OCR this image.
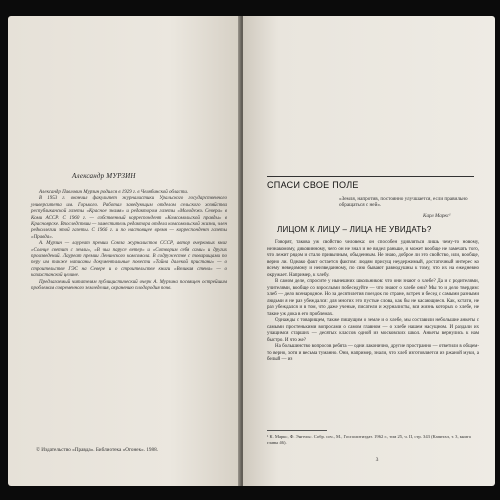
Александр МУРЗИН

Александр Павлович Мурзин родился в 1929 г. в Челябинской области.

В 1953 г. окончил факультет журналистики Уральского государственного университета им. Горького. Работал заведующим отделом сельского хозяйства республиканской газеты «Красное знамя» и редактором газеты «Молодежь Севера» в Коми АССР. С 1960 г. — собственный корреспондент «Комсомольской правды» в Красноярске. Впоследствии — заместитель редактора отдела комсомольской жизни, член редколлегии этой газеты. С 1966 г. и по настоящее время — корреспондент газеты «Правда».

А. Мурзин — лауреат премии Союза журналистов СССР, автор очерковых книг «Солнце светит с земли», «В чьи парусе ветер» и «Сотворим себя сами» и других произведений. Лауреат премии Ленинского комсомола. В содружестве с товарищами по перу им также написаны документальные повести «Тайна далекой пристани» — о строительстве ГЭС на Севере и о строительстве книги «Великая стена» — о казахстанской целине.

Предлагаемый читателям публицистический очерк А. Мурзина посвящен острейшим проблемам современного земледелия, охранению плодородия почв.

© Издательство «Правда». Библиотека «Огонек». 1988.
СПАСИ СВОЕ ПОЛЕ
«Земля, напротив, постоянно улучшается, если правильно обращаться с ней».
Карл Маркс¹
ЛИЦОМ К ЛИЦУ – ЛИЦА НЕ УВИДАТЬ?

Говорят, такова уж свойство человека: он способен удивляться лишь чему-то новому, незнакомому, диковинному, чего он не знал и не видел раньше, и может вообще не замечать того, что лежит рядом и стало привычным, обыденным. Не знаю, доброе ли это свойство, или, вообще, верно ли. Однако факт остается фактом: людям присущ неудержимый, достаточный интерес ко всему неведомому и неизведанному, по сию бывают равнодушны к тому, что их на ежедневно окружает. Например, к хлебу.

В самом деле, спросите у нынешних школьников: что они знают о хлебе? Да и с родителями, учителями, вообще со взрослыми побеседуйте — что знают о хлебе они? Мы то и дело твердим: хлеб — дело всенародное. Но за десятилетия поездок по стране, встреч и бесед с самыми разными людьми я не раз убеждался: для многих это пустые слова, как бы не касающиеся. Как, кстати, не раз убеждался и в том, что даже ученые, писатели и журналисты, вся жизнь которых о хлебе, не такие уж дока в его проблемах.

Однажды с товарищем, также пишущим о земле и о хлебе, мы составили небольшие анкеты с самыми простенькими вопросами о самом главном — о хлебе нашем насущном. И раздали их учащимся старших — десятых классов одной из московских школ. Анкеты вернулись к нам быстро. И что же?

На большинство вопросов ребята — одни лаконично, другие пространно — ответили в общем-то верно, хотя и весьма туманно. Они, например, знали, что хлеб изготовляется из ржаной муки, а белый — из

¹ К. Маркс, Ф. Энгельс. Собр. соч., М., Госполитиздат. 1962 г., том 25, ч. II, стр. 343 (Капитал, т. 3, книга главы 46).
3
